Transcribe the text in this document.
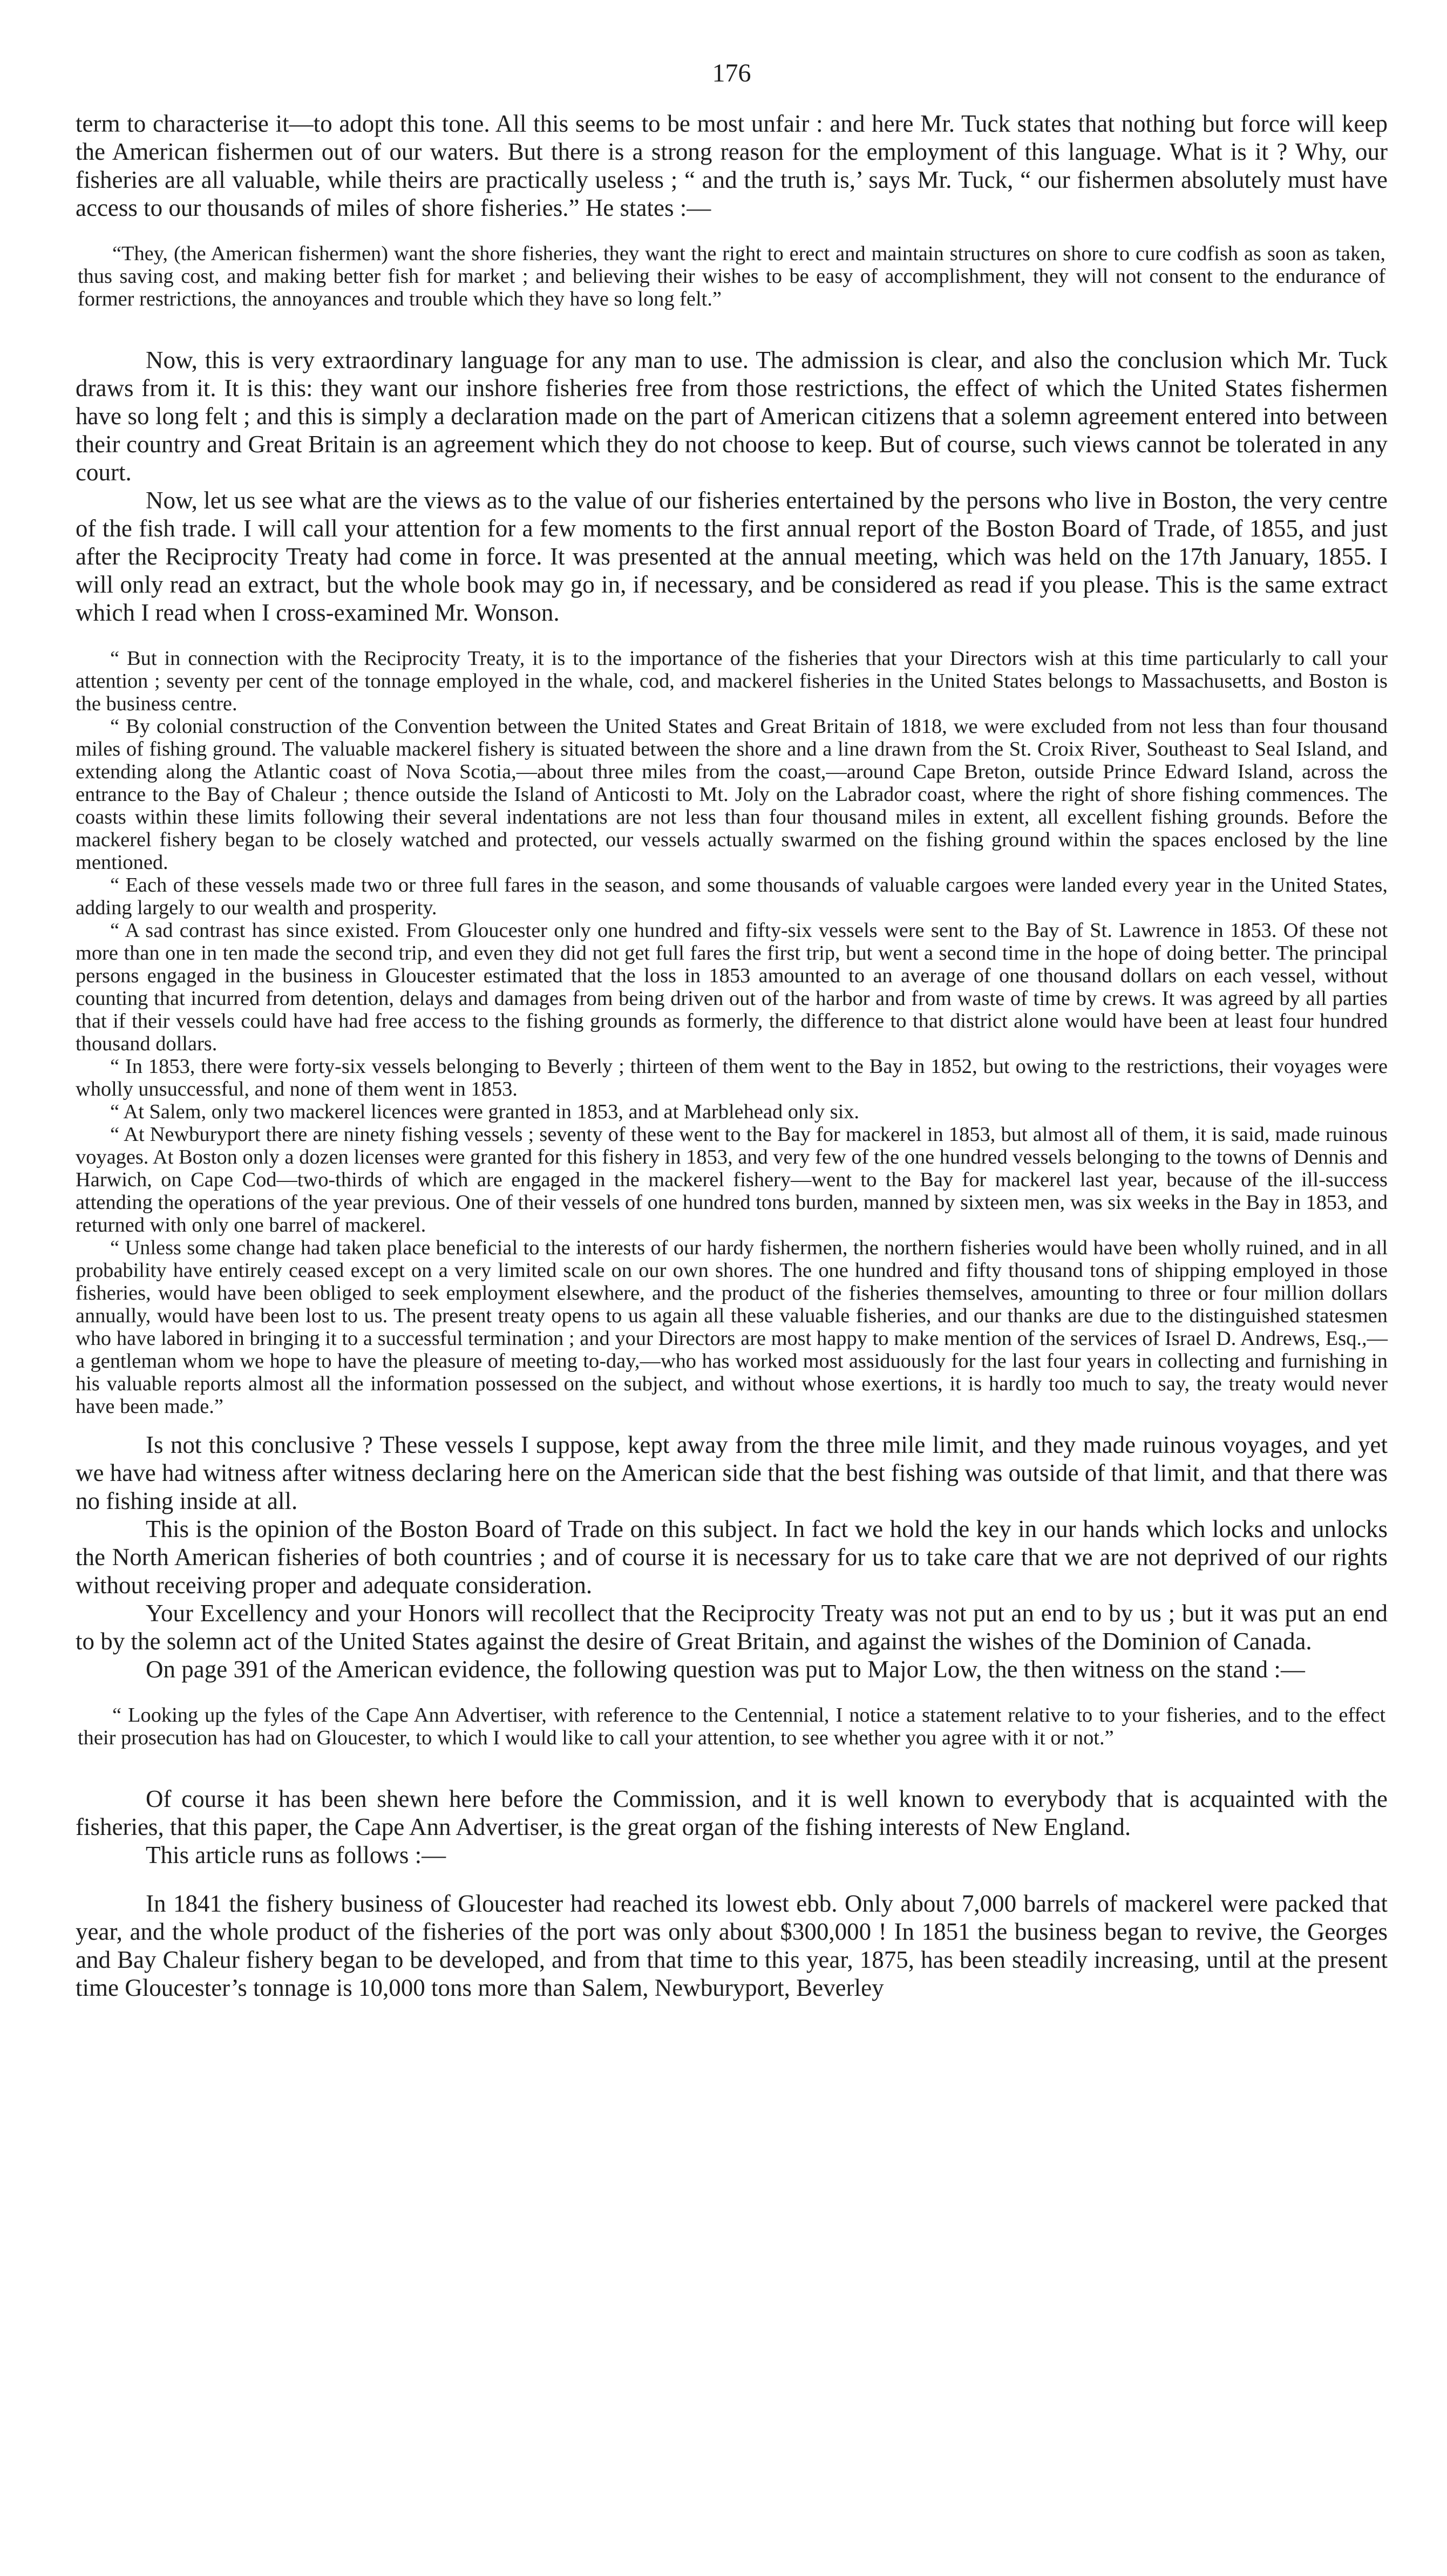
176

term to characterise it—to adopt this tone. All this seems to be most unfair : and here Mr. Tuck states that nothing but force will keep the American fishermen out of our waters. But there is a strong reason for the employment of this language. What is it ? Why, our fisheries are all valuable, while theirs are practically useless ; “ and the truth is,’ says Mr. Tuck, “ our fishermen absolutely must have access to our thousands of miles of shore fisheries.” He states :—

“They, (the American fishermen) want the shore fisheries, they want the right to erect and maintain structures on shore to cure codfish as soon as taken, thus saving cost, and making better fish for market ; and believing their wishes to be easy of accomplishment, they will not consent to the endurance of former restrictions, the annoyances and trouble which they have so long felt.”

Now, this is very extraordinary language for any man to use. The admission is clear, and also the conclusion which Mr. Tuck draws from it. It is this: they want our inshore fisheries free from those restrictions, the effect of which the United States fishermen have so long felt ; and this is simply a declaration made on the part of American citizens that a solemn agreement entered into between their country and Great Britain is an agreement which they do not choose to keep. But of course, such views cannot be tolerated in any court.

Now, let us see what are the views as to the value of our fisheries entertained by the persons who live in Boston, the very centre of the fish trade. I will call your attention for a few moments to the first annual report of the Boston Board of Trade, of 1855, and just after the Reciprocity Treaty had come in force. It was presented at the annual meeting, which was held on the 17th January, 1855. I will only read an extract, but the whole book may go in, if necessary, and be considered as read if you please. This is the same extract which I read when I cross-examined Mr. Wonson.

“ But in connection with the Reciprocity Treaty, it is to the importance of the fisheries that your Directors wish at this time particularly to call your attention ; seventy per cent of the tonnage employed in the whale, cod, and mackerel fisheries in the United States belongs to Massachusetts, and Boston is the business centre.

“ By colonial construction of the Convention between the United States and Great Britain of 1818, we were excluded from not less than four thousand miles of fishing ground. The valuable mackerel fishery is situated between the shore and a line drawn from the St. Croix River, Southeast to Seal Island, and extending along the Atlantic coast of Nova Scotia,—about three miles from the coast,—around Cape Breton, outside Prince Edward Island, across the entrance to the Bay of Chaleur ; thence outside the Island of Anticosti to Mt. Joly on the Labrador coast, where the right of shore fishing commences. The coasts within these limits following their several indentations are not less than four thousand miles in extent, all excellent fishing grounds. Before the mackerel fishery began to be closely watched and protected, our vessels actually swarmed on the fishing ground within the spaces enclosed by the line mentioned.

“ Each of these vessels made two or three full fares in the season, and some thousands of valuable cargoes were landed every year in the United States, adding largely to our wealth and prosperity.

“ A sad contrast has since existed. From Gloucester only one hundred and fifty-six vessels were sent to the Bay of St. Lawrence in 1853. Of these not more than one in ten made the second trip, and even they did not get full fares the first trip, but went a second time in the hope of doing better. The principal persons engaged in the business in Gloucester estimated that the loss in 1853 amounted to an average of one thousand dollars on each vessel, without counting that incurred from detention, delays and damages from being driven out of the harbor and from waste of time by crews. It was agreed by all parties that if their vessels could have had free access to the fishing grounds as formerly, the difference to that district alone would have been at least four hundred thousand dollars.

“ In 1853, there were forty-six vessels belonging to Beverly ; thirteen of them went to the Bay in 1852, but owing to the restrictions, their voyages were wholly unsuccessful, and none of them went in 1853.

“ At Salem, only two mackerel licences were granted in 1853, and at Marblehead only six.

“ At Newburyport there are ninety fishing vessels ; seventy of these went to the Bay for mackerel in 1853, but almost all of them, it is said, made ruinous voyages. At Boston only a dozen licenses were granted for this fishery in 1853, and very few of the one hundred vessels belonging to the towns of Dennis and Harwich, on Cape Cod—two-thirds of which are engaged in the mackerel fishery—went to the Bay for mackerel last year, because of the ill-success attending the operations of the year previous. One of their vessels of one hundred tons burden, manned by sixteen men, was six weeks in the Bay in 1853, and returned with only one barrel of mackerel.

“ Unless some change had taken place beneficial to the interests of our hardy fishermen, the northern fisheries would have been wholly ruined, and in all probability have entirely ceased except on a very limited scale on our own shores. The one hundred and fifty thousand tons of shipping employed in those fisheries, would have been obliged to seek employment elsewhere, and the product of the fisheries themselves, amounting to three or four million dollars annually, would have been lost to us. The present treaty opens to us again all these valuable fisheries, and our thanks are due to the distinguished statesmen who have labored in bringing it to a successful termination ; and your Directors are most happy to make mention of the services of Israel D. Andrews, Esq.,—a gentleman whom we hope to have the pleasure of meeting to-day,—who has worked most assiduously for the last four years in collecting and furnishing in his valuable reports almost all the information possessed on the subject, and without whose exertions, it is hardly too much to say, the treaty would never have been made.”

Is not this conclusive ? These vessels I suppose, kept away from the three mile limit, and they made ruinous voyages, and yet we have had witness after witness declaring here on the American side that the best fishing was outside of that limit, and that there was no fishing inside at all.

This is the opinion of the Boston Board of Trade on this subject. In fact we hold the key in our hands which locks and unlocks the North American fisheries of both countries ; and of course it is necessary for us to take care that we are not deprived of our rights without receiving proper and adequate consideration.

Your Excellency and your Honors will recollect that the Reciprocity Treaty was not put an end to by us ; but it was put an end to by the solemn act of the United States against the desire of Great Britain, and against the wishes of the Dominion of Canada.

On page 391 of the American evidence, the following question was put to Major Low, the then witness on the stand :—

“ Looking up the fyles of the Cape Ann Advertiser, with reference to the Centennial, I notice a statement relative to to your fisheries, and to the effect their prosecution has had on Gloucester, to which I would like to call your attention, to see whether you agree with it or not.”

Of course it has been shewn here before the Commission, and it is well known to everybody that is acquainted with the fisheries, that this paper, the Cape Ann Advertiser, is the great organ of the fishing interests of New England.

This article runs as follows :—

In 1841 the fishery business of Gloucester had reached its lowest ebb. Only about 7,000 barrels of mackerel were packed that year, and the whole product of the fisheries of the port was only about $300,000 ! In 1851 the business began to revive, the Georges and Bay Chaleur fishery began to be developed, and from that time to this year, 1875, has been steadily increasing, until at the present time Gloucester’s tonnage is 10,000 tons more than Salem, Newburyport, Beverley
